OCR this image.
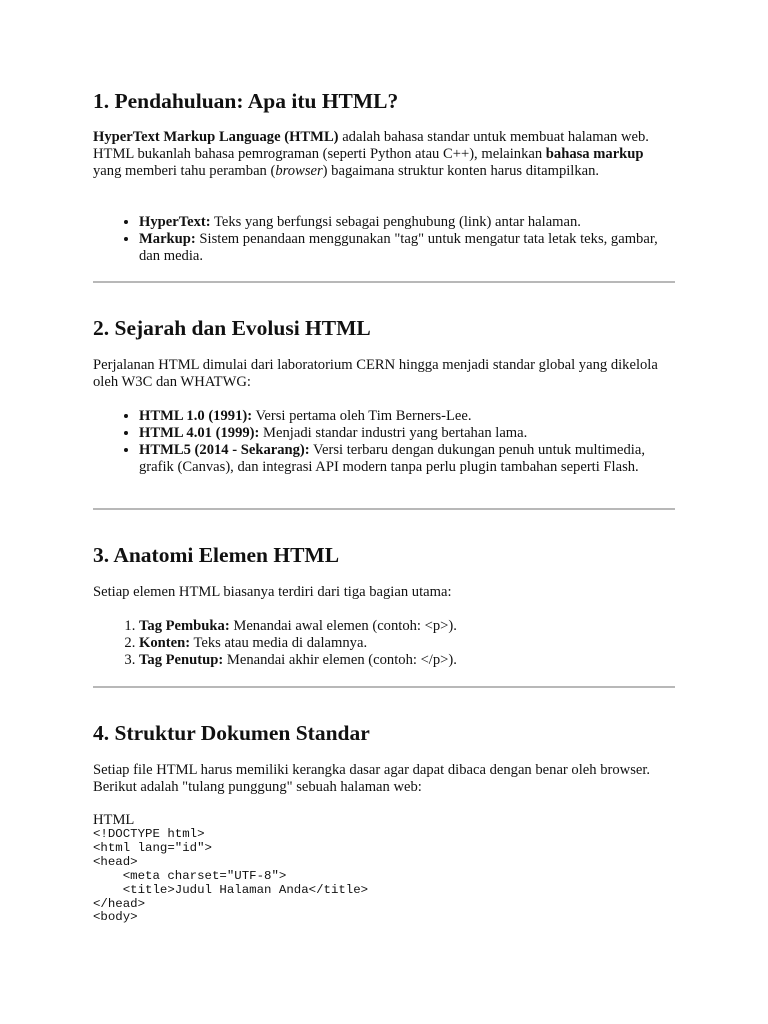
1. Pendahuluan: Apa itu HTML?

HyperText Markup Language (HTML) adalah bahasa standar untuk membuat halaman web. HTML bukanlah bahasa pemrograman (seperti Python atau C++), melainkan bahasa markup yang memberi tahu peramban (browser) bagaimana struktur konten harus ditampilkan.

• HyperText: Teks yang berfungsi sebagai penghubung (link) antar halaman.
• Markup: Sistem penandaan menggunakan "tag" untuk mengatur tata letak teks, gambar, dan media.
2. Sejarah dan Evolusi HTML

Perjalanan HTML dimulai dari laboratorium CERN hingga menjadi standar global yang dikelola oleh W3C dan WHATWG:

• HTML 1.0 (1991): Versi pertama oleh Tim Berners-Lee.
• HTML 4.01 (1999): Menjadi standar industri yang bertahan lama.
• HTML5 (2014 - Sekarang): Versi terbaru dengan dukungan penuh untuk multimedia, grafik (Canvas), dan integrasi API modern tanpa perlu plugin tambahan seperti Flash.
3. Anatomi Elemen HTML

Setiap elemen HTML biasanya terdiri dari tiga bagian utama:

1. Tag Pembuka: Menandai awal elemen (contoh: <p>).
2. Konten: Teks atau media di dalamnya.
3. Tag Penutup: Menandai akhir elemen (contoh: </p>).
4. Struktur Dokumen Standar

Setiap file HTML harus memiliki kerangka dasar agar dapat dibaca dengan benar oleh browser. Berikut adalah "tulang punggung" sebuah halaman web:

HTML
<!DOCTYPE html>
<html lang="id">
<head>
<meta charset="UTF-8">
<title>Judul Halaman Anda</title>
</head>
<body>
